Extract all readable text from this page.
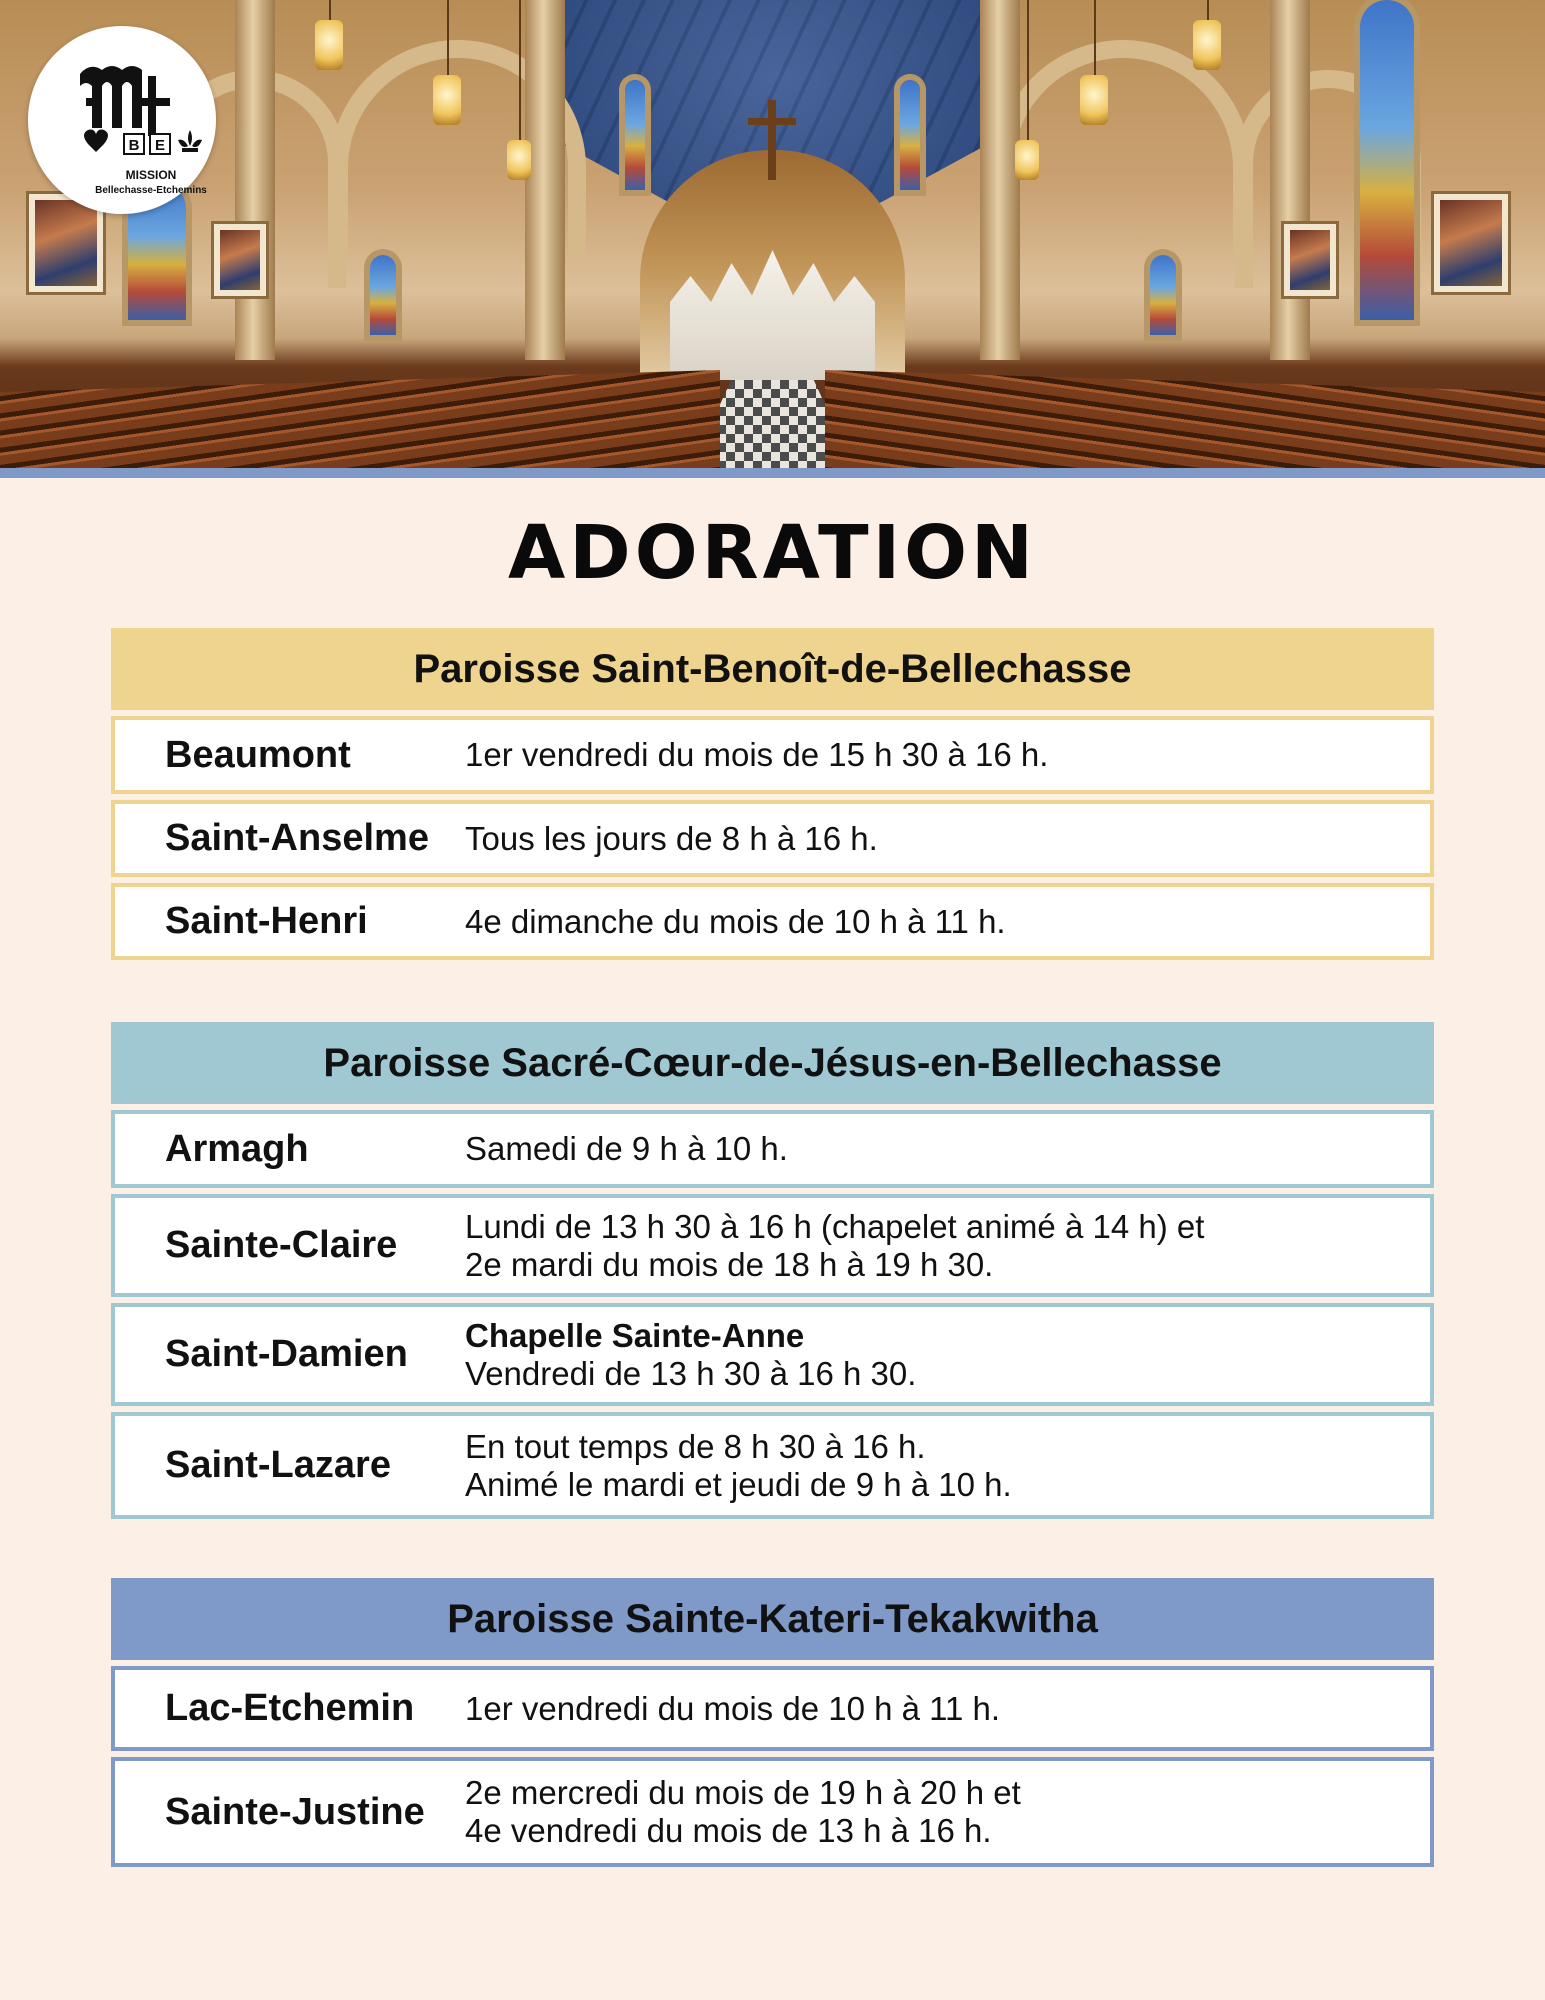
B E
MISSION
Bellechasse-Etchemins
ADORATION
Paroisse Saint-Benoît-de-Bellechasse
Beaumont	1er vendredi du mois de 15 h 30 à 16 h.
Saint-Anselme	Tous les jours de 8 h à 16 h.
Saint-Henri	4e dimanche du mois de 10 h à 11 h.
Paroisse Sacré-Cœur-de-Jésus-en-Bellechasse
Armagh	Samedi de 9 h à 10 h.
Sainte-Claire	Lundi de 13 h 30 à 16 h (chapelet animé à 14 h) et
2e mardi du mois de 18 h à 19 h 30.
Saint-Damien	Chapelle Sainte-Anne
Vendredi de 13 h 30 à 16 h 30.
Saint-Lazare	En tout temps de 8 h 30 à 16 h.
Animé le mardi et jeudi de 9 h à 10 h.
Paroisse Sainte-Kateri-Tekakwitha
Lac-Etchemin	1er vendredi du mois de 10 h à 11 h.
Sainte-Justine	2e mercredi du mois de 19 h à 20 h et
4e vendredi du mois de 13 h à 16 h.
